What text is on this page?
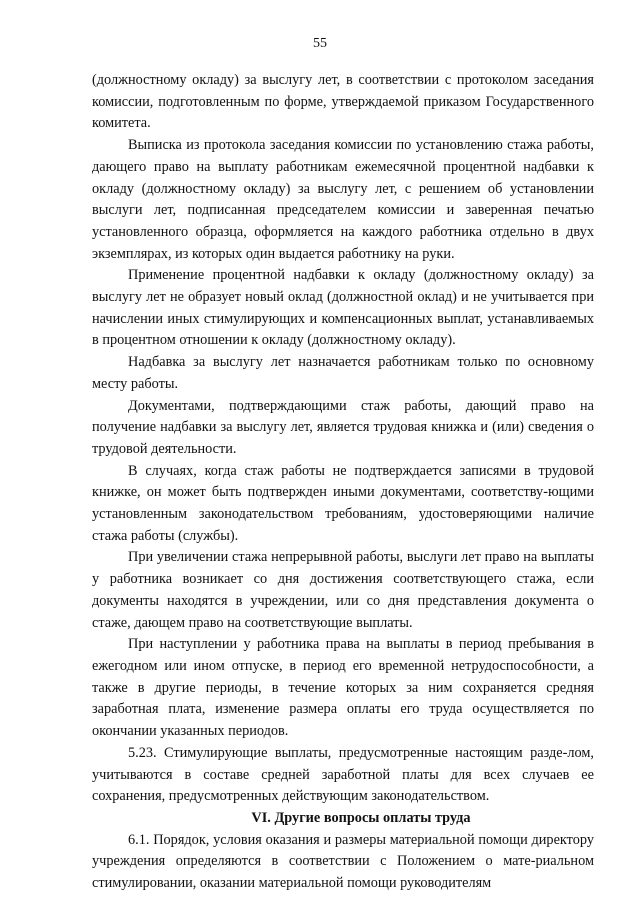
55

(должностному окладу) за выслугу лет, в соответствии с протоколом заседания комиссии, подготовленным по форме, утверждаемой приказом Государственного комитета.

Выписка из протокола заседания комиссии по установлению стажа работы, дающего право на выплату работникам ежемесячной процентной надбавки к окладу (должностному окладу) за выслугу лет, с решением об установлении выслуги лет, подписанная председателем комиссии и заверенная печатью установленного образца, оформляется на каждого работника отдельно в двух экземплярах, из которых один выдается работнику на руки.

Применение процентной надбавки к окладу (должностному окладу) за выслугу лет не образует новый оклад (должностной оклад) и не учитывается при начислении иных стимулирующих и компенсационных выплат, устанавливаемых в процентном отношении к окладу (должностному окладу).

Надбавка за выслугу лет назначается работникам только по основному месту работы.

Документами, подтверждающими стаж работы, дающий право на получение надбавки за выслугу лет, является трудовая книжка и (или) сведения о трудовой деятельности.

В случаях, когда стаж работы не подтверждается записями в трудовой книжке, он может быть подтвержден иными документами, соответству-ющими установленным законодательством требованиям, удостоверяющими наличие стажа работы (службы).

При увеличении стажа непрерывной работы, выслуги лет право на выплаты у работника возникает со дня достижения соответствующего стажа, если документы находятся в учреждении, или со дня представления документа о стаже, дающем право на соответствующие выплаты.

При наступлении у работника права на выплаты в период пребывания в ежегодном или ином отпуске, в период его временной нетрудоспособности, а также в другие периоды, в течение которых за ним сохраняется средняя заработная плата, изменение размера оплаты его труда осуществляется по окончании указанных периодов.

5.23. Стимулирующие выплаты, предусмотренные настоящим разде-лом, учитываются в составе средней заработной платы для всех случаев ее сохранения, предусмотренных действующим законодательством.

VI. Другие вопросы оплаты труда

6.1. Порядок, условия оказания и размеры материальной помощи директору учреждения определяются в соответствии с Положением о мате-риальном стимулировании, оказании материальной помощи руководителям
